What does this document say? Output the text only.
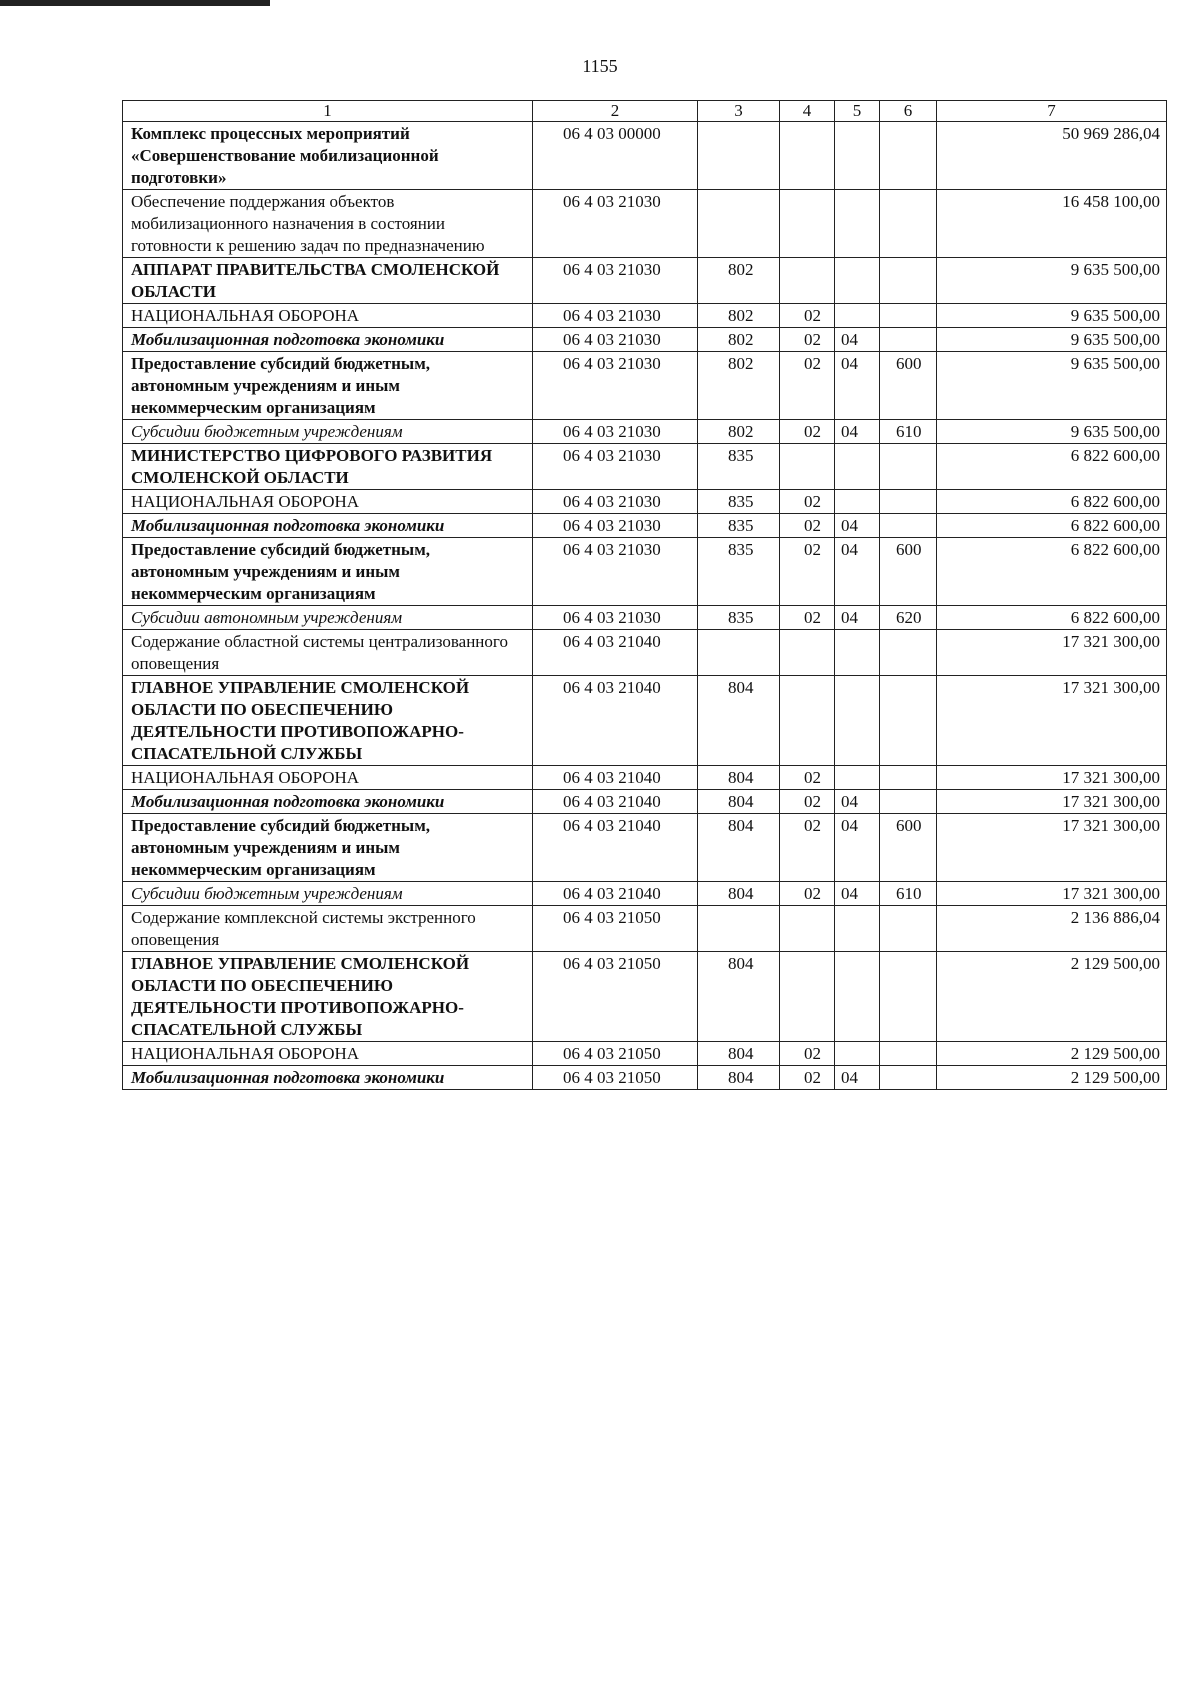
1155
1	2	3	4	5	6	7
Комплекс процессных мероприятий «Совершенствование мобилизационной подготовки»	06 4 03 00000					50 969 286,04
Обеспечение поддержания объектов мобилизационного назначения в состоянии готовности к решению задач по предназначению	06 4 03 21030					16 458 100,00
АППАРАТ ПРАВИТЕЛЬСТВА СМОЛЕНСКОЙ ОБЛАСТИ	06 4 03 21030	802				9 635 500,00
НАЦИОНАЛЬНАЯ ОБОРОНА	06 4 03 21030	802	02			9 635 500,00
Мобилизационная подготовка экономики	06 4 03 21030	802	02	04		9 635 500,00
Предоставление субсидий бюджетным, автономным учреждениям и иным некоммерческим организациям	06 4 03 21030	802	02	04	600	9 635 500,00
Субсидии бюджетным учреждениям	06 4 03 21030	802	02	04	610	9 635 500,00
МИНИСТЕРСТВО ЦИФРОВОГО РАЗВИТИЯ СМОЛЕНСКОЙ ОБЛАСТИ	06 4 03 21030	835				6 822 600,00
НАЦИОНАЛЬНАЯ ОБОРОНА	06 4 03 21030	835	02			6 822 600,00
Мобилизационная подготовка экономики	06 4 03 21030	835	02	04		6 822 600,00
Предоставление субсидий бюджетным, автономным учреждениям и иным некоммерческим организациям	06 4 03 21030	835	02	04	600	6 822 600,00
Субсидии автономным учреждениям	06 4 03 21030	835	02	04	620	6 822 600,00
Содержание областной системы централизованного оповещения	06 4 03 21040					17 321 300,00
ГЛАВНОЕ УПРАВЛЕНИЕ СМОЛЕНСКОЙ ОБЛАСТИ ПО ОБЕСПЕЧЕНИЮ ДЕЯТЕЛЬНОСТИ ПРОТИВОПОЖАРНО-СПАСАТЕЛЬНОЙ СЛУЖБЫ	06 4 03 21040	804				17 321 300,00
НАЦИОНАЛЬНАЯ ОБОРОНА	06 4 03 21040	804	02			17 321 300,00
Мобилизационная подготовка экономики	06 4 03 21040	804	02	04		17 321 300,00
Предоставление субсидий бюджетным, автономным учреждениям и иным некоммерческим организациям	06 4 03 21040	804	02	04	600	17 321 300,00
Субсидии бюджетным учреждениям	06 4 03 21040	804	02	04	610	17 321 300,00
Содержание комплексной системы экстренного оповещения	06 4 03 21050					2 136 886,04
ГЛАВНОЕ УПРАВЛЕНИЕ СМОЛЕНСКОЙ ОБЛАСТИ ПО ОБЕСПЕЧЕНИЮ ДЕЯТЕЛЬНОСТИ ПРОТИВОПОЖАРНО-СПАСАТЕЛЬНОЙ СЛУЖБЫ	06 4 03 21050	804				2 129 500,00
НАЦИОНАЛЬНАЯ ОБОРОНА	06 4 03 21050	804	02			2 129 500,00
Мобилизационная подготовка экономики	06 4 03 21050	804	02	04		2 129 500,00
